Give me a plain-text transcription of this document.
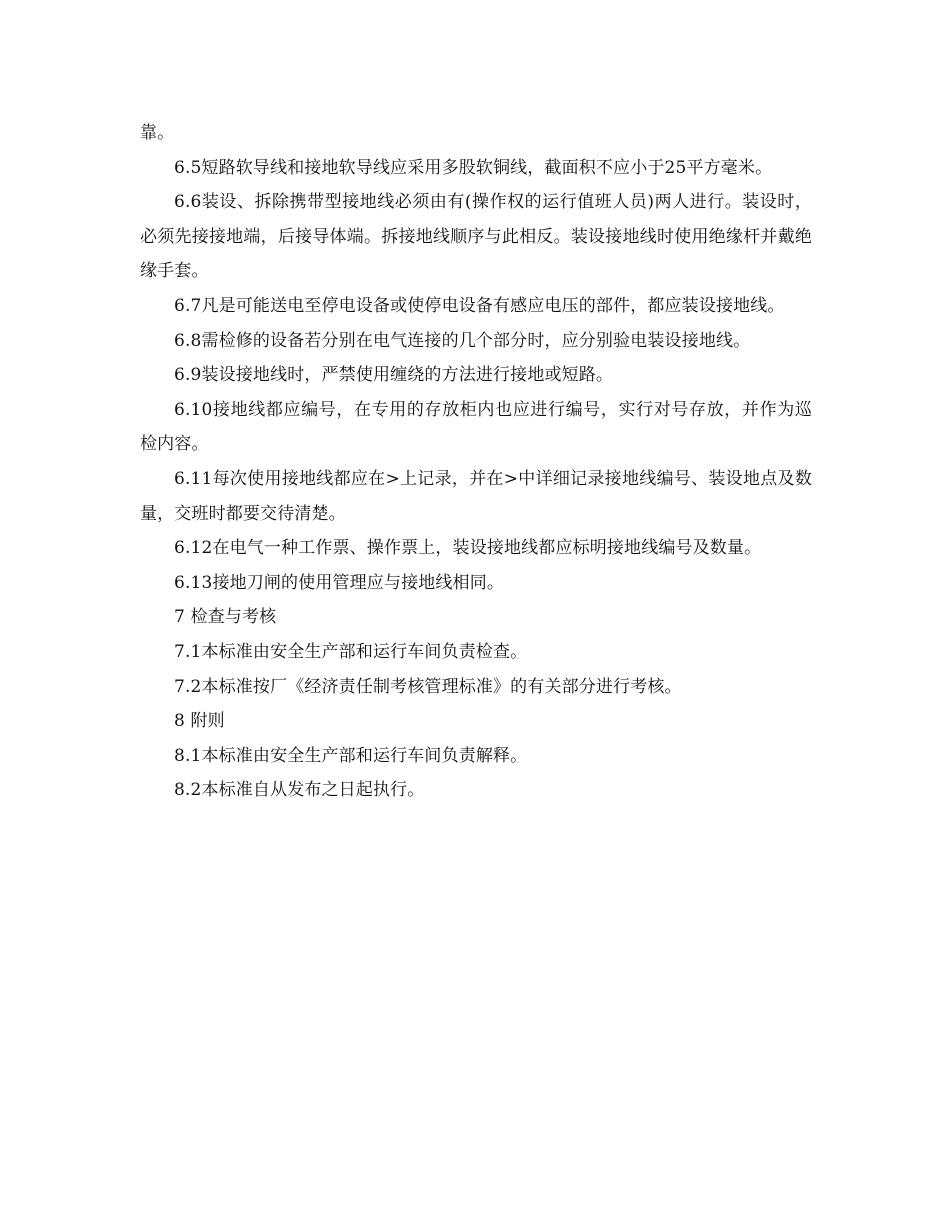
靠。

6.5短路软导线和接地软导线应采用多股软铜线，截面积不应小于25平方毫米。

6.6装设、拆除携带型接地线必须由有(操作权的运行值班人员)两人进行。装设时，必须先接接地端，后接导体端。拆接地线顺序与此相反。装设接地线时使用绝缘杆并戴绝缘手套。

6.7凡是可能送电至停电设备或使停电设备有感应电压的部件，都应装设接地线。

6.8需检修的设备若分别在电气连接的几个部分时，应分别验电装设接地线。

6.9装设接地线时，严禁使用缠绕的方法进行接地或短路。

6.10接地线都应编号，在专用的存放柜内也应进行编号，实行对号存放，并作为巡检内容。

6.11每次使用接地线都应在>上记录，并在>中详细记录接地线编号、装设地点及数量，交班时都要交待清楚。

6.12在电气一种工作票、操作票上，装设接地线都应标明接地线编号及数量。

6.13接地刀闸的使用管理应与接地线相同。

7 检查与考核

7.1本标准由安全生产部和运行车间负责检查。

7.2本标准按厂《经济责任制考核管理标准》的有关部分进行考核。

8 附则

8.1本标准由安全生产部和运行车间负责解释。

8.2本标准自从发布之日起执行。
